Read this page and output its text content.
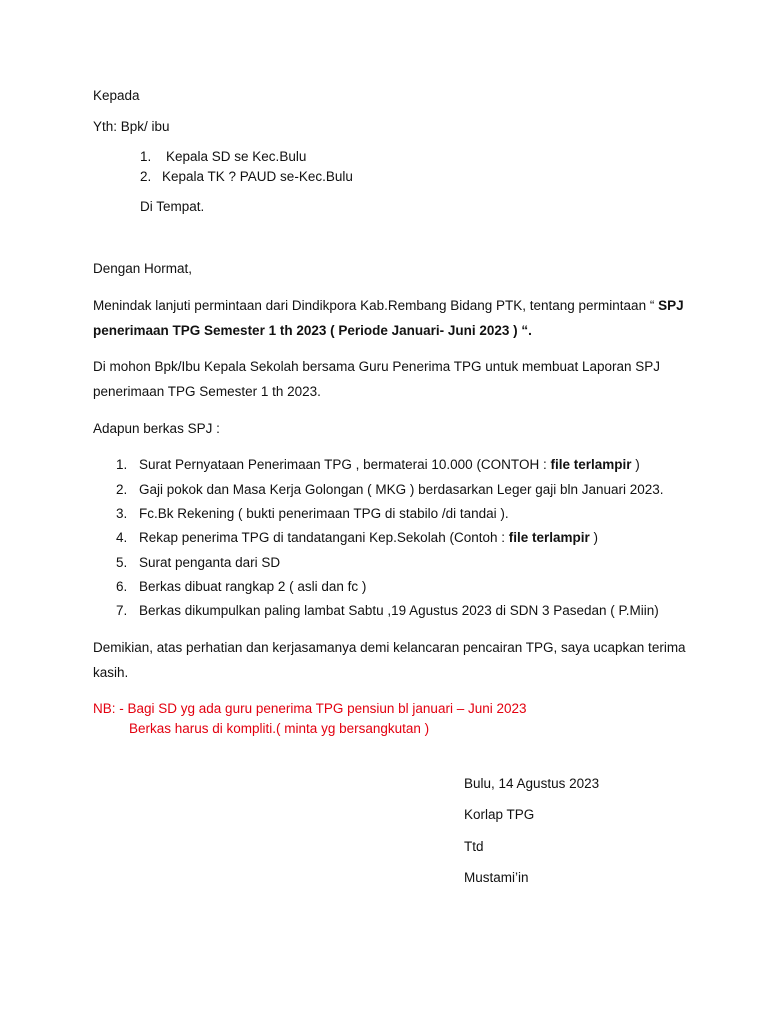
Kepada
Yth: Bpk/ ibu
1. Kepala SD se Kec.Bulu
2. Kepala TK ? PAUD se-Kec.Bulu
Di Tempat.
Dengan Hormat,
Menindak lanjuti permintaan dari Dindikpora Kab.Rembang Bidang PTK, tentang permintaan “ SPJ
penerimaan TPG Semester 1 th 2023 ( Periode Januari- Juni 2023 ) “.
Di mohon Bpk/Ibu Kepala Sekolah bersama Guru Penerima TPG untuk membuat Laporan SPJ
penerimaan TPG Semester 1 th 2023.
Adapun berkas SPJ :
1. Surat Pernyataan Penerimaan TPG , bermaterai 10.000 (CONTOH : file terlampir )
2. Gaji pokok dan Masa Kerja Golongan ( MKG ) berdasarkan Leger gaji bln Januari 2023.
3. Fc.Bk Rekening ( bukti penerimaan TPG di stabilo /di tandai ).
4. Rekap penerima TPG di tandatangani Kep.Sekolah (Contoh : file terlampir )
5. Surat penganta dari SD
6. Berkas dibuat rangkap 2 ( asli dan fc )
7. Berkas dikumpulkan paling lambat Sabtu ,19 Agustus 2023 di SDN 3 Pasedan ( P.Miin)
Demikian, atas perhatian dan kerjasamanya demi kelancaran pencairan TPG, saya ucapkan terima
kasih.
NB: - Bagi SD yg ada guru penerima TPG pensiun bl januari – Juni 2023
Berkas harus di kompliti.( minta yg bersangkutan )
Bulu, 14 Agustus 2023
Korlap TPG
Ttd
Mustami’in
